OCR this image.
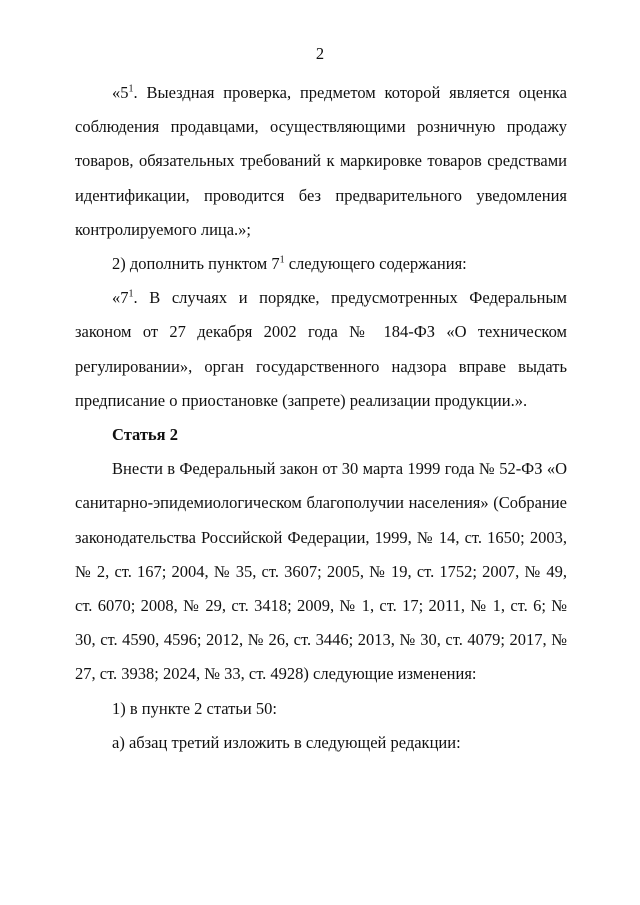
2

«$5^1$. Выездная проверка, предметом которой является оценка соблюдения продавцами, осуществляющими розничную продажу товаров, обязательных требований к маркировке товаров средствами идентификации, проводится без предварительного уведомления контролируемого лица.»;

2) дополнить пунктом $7^1$ следующего содержания:

«$7^1$. В случаях и порядке, предусмотренных Федеральным законом от 27 декабря 2002 года № 184-ФЗ «О техническом регулировании», орган государственного надзора вправе выдать предписание о приостановке (запрете) реализации продукции.».

Статья 2

Внести в Федеральный закон от 30 марта 1999 года № 52-ФЗ «О санитарно-эпидемиологическом благополучии населения» (Собрание законодательства Российской Федерации, 1999, № 14, ст. 1650; 2003, № 2, ст. 167; 2004, № 35, ст. 3607; 2005, № 19, ст. 1752; 2007, № 49, ст. 6070; 2008, № 29, ст. 3418; 2009, № 1, ст. 17; 2011, № 1, ст. 6; № 30, ст. 4590, 4596; 2012, № 26, ст. 3446; 2013, № 30, ст. 4079; 2017, № 27, ст. 3938; 2024, № 33, ст. 4928) следующие изменения:

1) в пункте 2 статьи 50:

а) абзац третий изложить в следующей редакции:
